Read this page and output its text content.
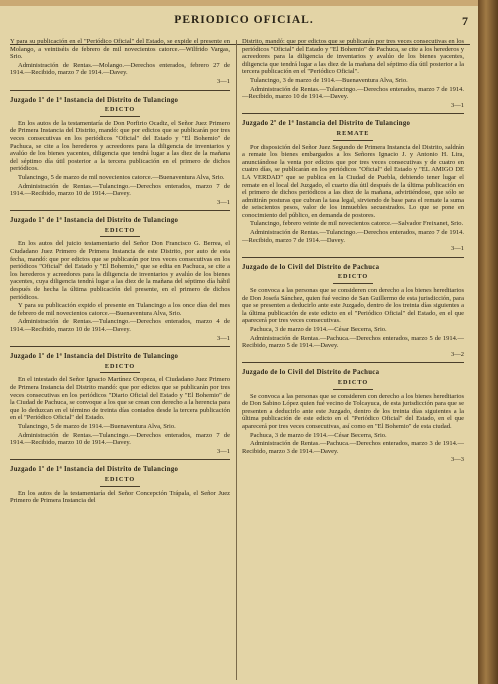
PERIODICO OFICIAL.	7

Y para su publicación en el "Periódico Oficial" del Estado, se expide el presente en Molango, a veintiséis de febrero de mil novecientos catorce.—Wilfrido Vargas, Srio.

Administración de Rentas.—Molango.—Derechos enterados, febrero 27 de 1914.—Recibido, marzo 7 de 1914.—Davey.

3—1
Juzgado 1º de 1ª Instancia del Distrito de Tulancingo
EDICTO

En los autos de la testamentaría de Don Porfirio Ocadiz, el Señor Juez Primero de Primera Instancia del Distrito, mandó: que por edictos que se publicarán por tres veces consecutivas en los periódicos "Oficial" del Estado y "El Bohemio" de Pachuca, se cite a los herederos y acreedores para la diligencia de inventarios y avalúo de los bienes yacentes, diligencia que tendrá lugar a las diez de la mañana del séptimo día útil posterior a la tercera publicación en el primero de dichos periódicos.

Tulancingo, 5 de marzo de mil novecientos catorce.—Buenaventura Alva, Srio.

Administración de Rentas.—Tulancingo.—Derechos enterados, marzo 7 de 1914.—Recibido, marzo 10 de 1914.—Davey.

3—1
Juzgado 1º de 1ª Instancia del Distrito de Tulancingo
EDICTO

En los autos del juicio testamentario del Señor Don Francisco G. Berrea, el Ciudadano Juez Primero de Primera Instancia de este Distrito, por auto de esta fecha, mandó: que por edictos que se publicarán por tres veces consecutivas en los periódicos "Oficial" del Estado y "El Bohemio," que se edita en Pachuca, se cite a los herederos y acreedores para la diligencia de inventarios y avalúo de los bienes yacentes, cuya diligencia tendrá lugar a las diez de la mañana del séptimo día hábil después de hecha la última publicación del presente, en el primero de dichos periódicos.

Y para su publicación expido el presente en Tulancingo a los once días del mes de febrero de mil novecientos catorce.—Buenaventura Alva, Srio.

Administración de Rentas.—Tulancingo.—Derechos enterados, marzo 4 de 1914.—Recibido, marzo 10 de 1914.—Davey.

3—1
Juzgado 1º de 1ª Instancia del Distrito de Tulancingo
EDICTO

En el intestado del Señor Ignacio Martínez Oropeza, el Ciudadano Juez Primero de Primera Instancia del Distrito mandó: que por edictos que se publicarán por tres veces consecutivas en los periódicos "Diario Oficial del Estado y "El Bohemio" de la Ciudad de Pachuca, se convoque a los que se crean con derecho a la herencia para que lo deduzcan en el término de treinta días contados desde la tercera publicación en el "Periódico Oficial" del Estado.

Tulancingo, 5 de marzo de 1914.—Buenaventura Alva, Srio.

Administración de Rentas.—Tulancingo.—Derechos enterados, marzo 7 de 1914.—Recibido, marzo 10 de 1914.—Davey.

3—1
Juzgado 1º de 1ª Instancia del Distrito de Tulancingo
EDICTO

En los autos de la testamentaría del Señor Concepción Trápala, el Señor Juez Primero de Primera Instancia del

Distrito, mandó: que por edictos que se publicarán por tres veces consecutivas en los periódicos "Oficial" del Estado y "El Bohemio" de Pachuca, se cite a los herederos y acreedores para la diligencia de inventarios y avalúo de los bienes yacentes, diligencia que tendrá lugar a las diez de la mañana del séptimo día útil posterior a la tercera publicación en el "Periódico Oficial".

Tulancingo, 3 de marzo de 1914.—Buenaventura Alva, Srio.

Administración de Rentas.—Tulancingo.—Derechos enterados, marzo 7 de 1914.—Recibido, marzo 10 de 1914.—Davey.

3—1
Juzgado 2º de 1ª Instancia del Distrito de Tulancingo
REMATE

Por disposición del Señor Juez Segundo de Primera Instancia del Distrito, saldrán a remate los bienes embargados a los Señores Ignacio J. y Antonio H. Lira, anunciándose la venta por edictos que por tres veces consecutivas y de cuatro en cuatro días, se publicarán en los periódicos "Oficial" del Estado y "EL AMIGO DE LA VERDAD" que se publica en la Ciudad de Puebla, debiendo tener lugar el remate en el local del Juzgado, el cuarto día útil después de la última publicación en el primero de dichos periódicos a las diez de la mañana, advirtiéndose, que sólo se admitirán posturas que cubran la tasa legal, sirviendo de base para el remate la suma de seiscientos pesos, valor de los inmuebles secuestrados. Lo que se pone en conocimiento del público, en demanda de postores.

Tulancingo, febrero veinte de mil novecientos catorce.—Salvador Freixanet, Srio.

Administración de Rentas.—Tulancingo.—Derechos enterados, marzo 7 de 1914.—Recibido, marzo 7 de 1914.—Davey.

3—1
Juzgado de lo Civil del Distrito de Pachuca
EDICTO

Se convoca a las personas que se consideren con derecho a los bienes hereditarios de Don Josefa Sánchez, quien fué vecino de San Guillermo de esta jurisdicción, para que se presenten a deducirlo ante este Juzgado, dentro de los treinta días siguientes a la última publicación de este edicto en el "Periódico Oficial" del Estado, en el que aparecerá por tres veces consecutivas.

Pachuca, 3 de marzo de 1914.—César Becerra, Srio.

Administración de Rentas.—Pachuca.—Derechos enterados, marzo 5 de 1914.—Recibido, marzo 5 de 1914.—Davey.

3—2
Juzgado de lo Civil del Distrito de Pachuca
EDICTO

Se convoca a las personas que se consideren con derecho a los bienes hereditarios de Don Sabino López quien fué vecino de Tolcayuca, de esta jurisdicción para que se presenten a deducirlo ante este Juzgado, dentro de los treinta días siguientes a la última publicación de este edicto en el "Periódico Oficial" del Estado, en el que aparecerá por tres veces consecutivas, así como en "El Bohemio" de esta ciudad.

Pachuca, 3 de marzo de 1914.—César Becerra, Srio.

Administración de Rentas.—Pachuca.—Derechos enterados, marzo 3 de 1914.—Recibido, marzo 3 de 1914.—Davey.

3—3
